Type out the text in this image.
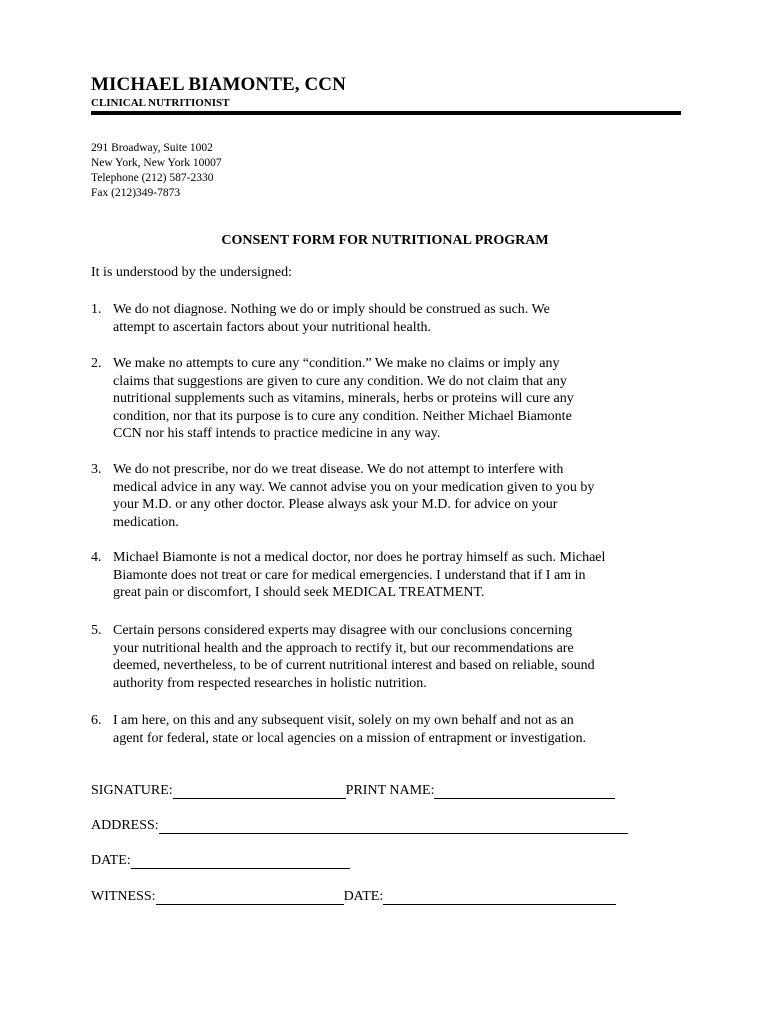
MICHAEL BIAMONTE, CCN
CLINICAL NUTRITIONIST
291 Broadway, Suite 1002
New York, New York 10007
Telephone (212) 587-2330
Fax (212)349-7873
CONSENT FORM FOR NUTRITIONAL PROGRAM
It is understood by the undersigned:
1. We do not diagnose. Nothing we do or imply should be construed as such. We
attempt to ascertain factors about your nutritional health.
2. We make no attempts to cure any “condition.” We make no claims or imply any
claims that suggestions are given to cure any condition. We do not claim that any
nutritional supplements such as vitamins, minerals, herbs or proteins will cure any
condition, nor that its purpose is to cure any condition. Neither Michael Biamonte
CCN nor his staff intends to practice medicine in any way.
3. We do not prescribe, nor do we treat disease. We do not attempt to interfere with
medical advice in any way. We cannot advise you on your medication given to you by
your M.D. or any other doctor. Please always ask your M.D. for advice on your
medication.
4. Michael Biamonte is not a medical doctor, nor does he portray himself as such. Michael
Biamonte does not treat or care for medical emergencies. I understand that if I am in
great pain or discomfort, I should seek MEDICAL TREATMENT.
5. Certain persons considered experts may disagree with our conclusions concerning
your nutritional health and the approach to rectify it, but our recommendations are
deemed, nevertheless, to be of current nutritional interest and based on reliable, sound
authority from respected researches in holistic nutrition.
6. I am here, on this and any subsequent visit, solely on my own behalf and not as an
agent for federal, state or local agencies on a mission of entrapment or investigation.
SIGNATURE:	PRINT NAME:
ADDRESS:
DATE:
WITNESS:	DATE:
